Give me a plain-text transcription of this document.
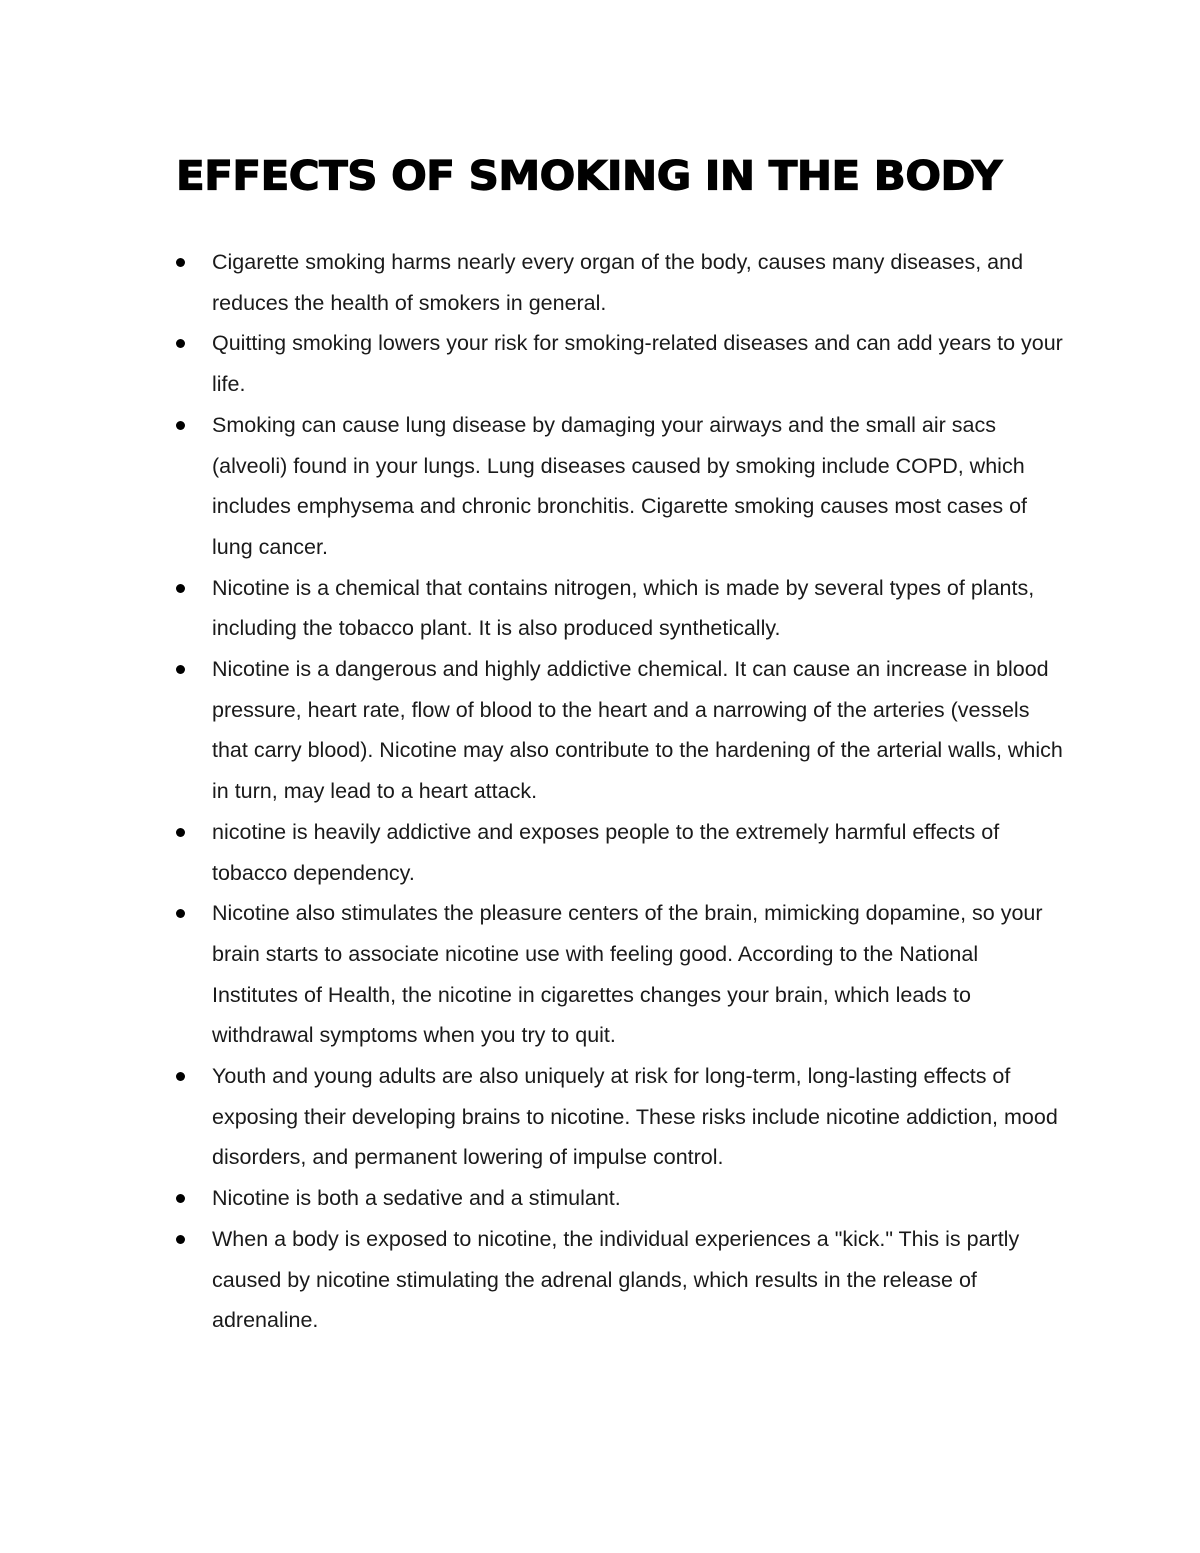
EFFECTS OF SMOKING IN THE BODY
Cigarette smoking harms nearly every organ of the body, causes many diseases, and reduces the health of smokers in general.
Quitting smoking lowers your risk for smoking-related diseases and can add years to your life.
Smoking can cause lung disease by damaging your airways and the small air sacs (alveoli) found in your lungs. Lung diseases caused by smoking include COPD, which includes emphysema and chronic bronchitis. Cigarette smoking causes most cases of lung cancer.
Nicotine is a chemical that contains nitrogen, which is made by several types of plants, including the tobacco plant. It is also produced synthetically.
Nicotine is a dangerous and highly addictive chemical. It can cause an increase in blood pressure, heart rate, flow of blood to the heart and a narrowing of the arteries (vessels that carry blood). Nicotine may also contribute to the hardening of the arterial walls, which in turn, may lead to a heart attack.
nicotine is heavily addictive and exposes people to the extremely harmful effects of tobacco dependency.
Nicotine also stimulates the pleasure centers of the brain, mimicking dopamine, so your brain starts to associate nicotine use with feeling good. According to the National Institutes of Health, the nicotine in cigarettes changes your brain, which leads to withdrawal symptoms when you try to quit.
Youth and young adults are also uniquely at risk for long-term, long-lasting effects of exposing their developing brains to nicotine. These risks include nicotine addiction, mood disorders, and permanent lowering of impulse control.
Nicotine is both a sedative and a stimulant.
When a body is exposed to nicotine, the individual experiences a "kick." This is partly caused by nicotine stimulating the adrenal glands, which results in the release of adrenaline.
